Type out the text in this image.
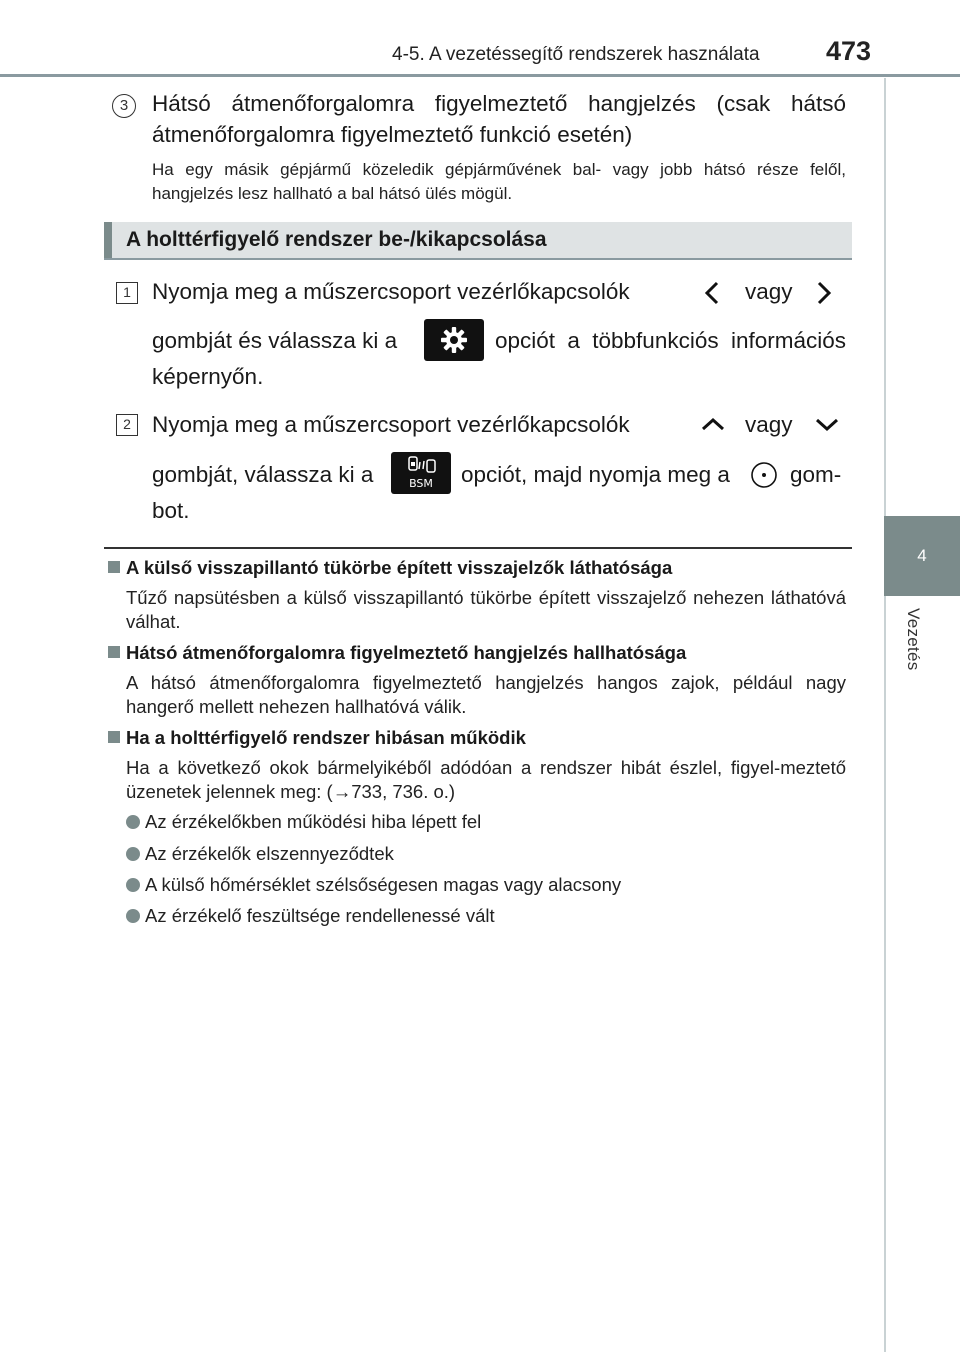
4-5. A vezetéssegítő rendszerek használata 473
4
Vezetés
3	Hátsó átmenőforgalomra figyelmeztető hangjelzés (csak hátsó
átmenőforgalomra figyelmeztető funkció esetén)
Ha egy másik gépjármű közeledik gépjárművének bal- vagy jobb hátsó része felől, hangjelzés lesz hallható a bal hátsó ülés mögül.
A holttérfigyelő rendszer be-/kikapcsolása
1 Nyomja meg a műszercsoport vezérlőkapcsolók	vagy
gombját és válassza ki a	opciót a többfunkciós információs
képernyőn.
2 Nyomja meg a műszercsoport vezérlőkapcsolók	vagy
gombját, válassza ki a	BSM opciót, majd nyomja meg a	gom-
bot.
A külső visszapillantó tükörbe épített visszajelzők láthatósága
Tűző napsütésben a külső visszapillantó tükörbe épített visszajelző nehezen láthatóvá válhat.
Hátsó átmenőforgalomra figyelmeztető hangjelzés hallhatósága
A hátsó átmenőforgalomra figyelmeztető hangjelzés hangos zajok, például nagy hangerő mellett nehezen hallhatóvá válik.
Ha a holttérfigyelő rendszer hibásan működik
Ha a következő okok bármelyikéből adódóan a rendszer hibát észlel, figyel-meztető üzenetek jelennek meg: (→733, 736. o.)
Az érzékelőkben működési hiba lépett fel
Az érzékelők elszennyeződtek
A külső hőmérséklet szélsőségesen magas vagy alacsony
Az érzékelő feszültsége rendellenessé vált
